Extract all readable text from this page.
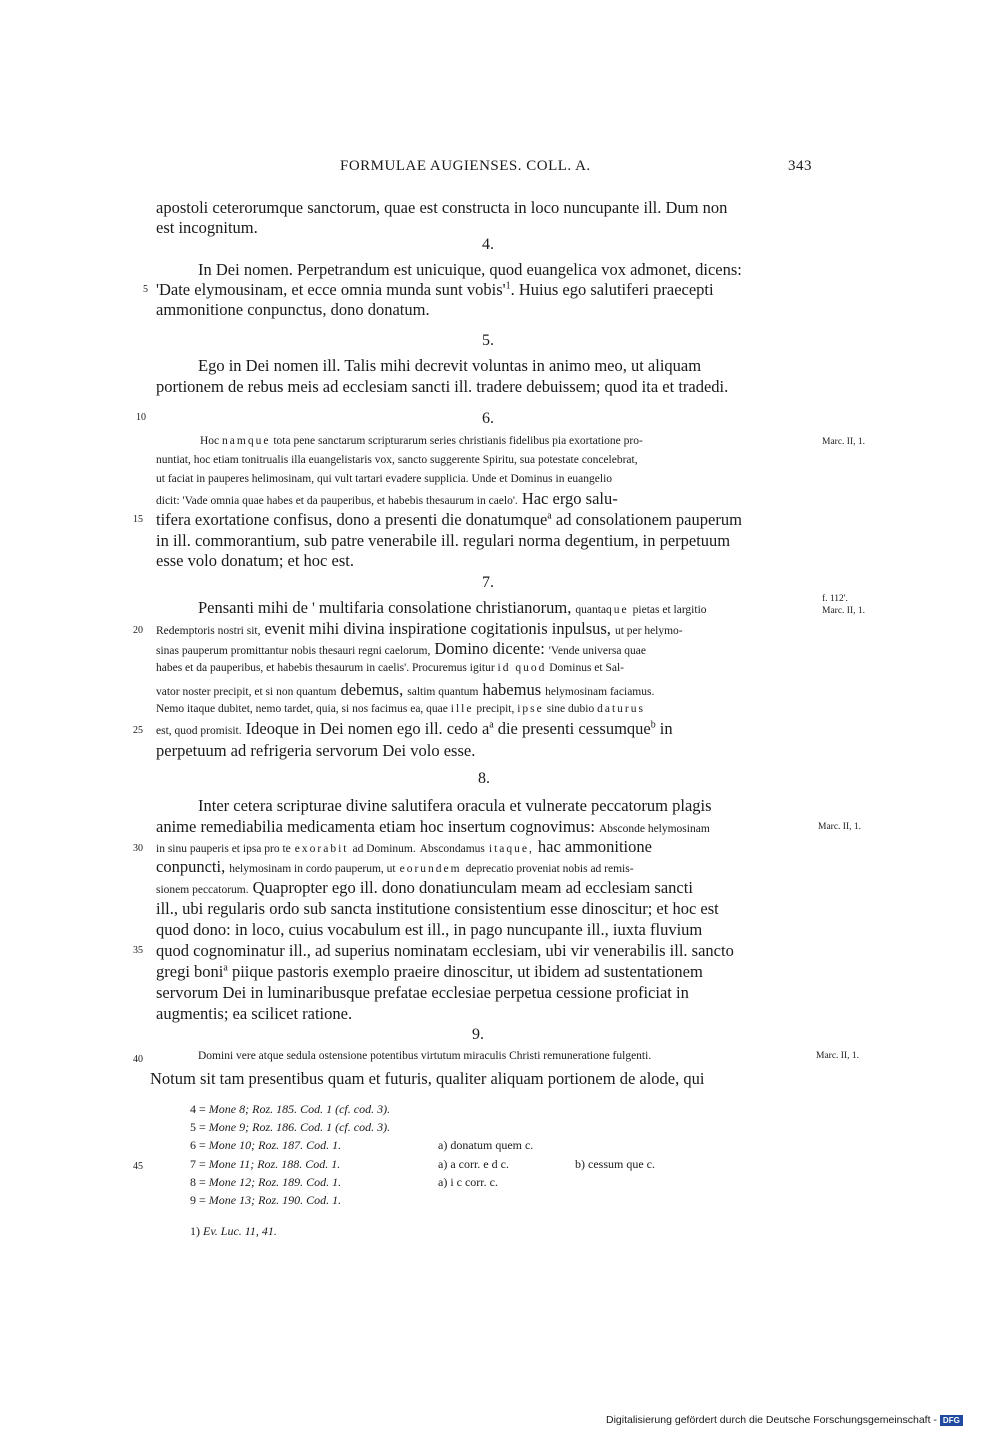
FORMULAE AUGIENSES. COLL. A.	343
apostoli ceterorumque sanctorum, quae est constructa in loco nuncupante ill. Dum non
est incognitum.
4.
In Dei nomen. Perpetrandum est unicuique, quod euangelica vox admonet, dicens:
5 'Date elymousinam, et ecce omnia munda sunt $vobis'^1$. Huius ego salutiferi praecepti
ammonitione conpunctus, dono donatum.
5.
Ego in Dei nomen ill. Talis mihi decrevit voluntas in animo meo, ut aliquam
portionem de rebus meis ad ecclesiam sancti ill. tradere debuissem; quod ita et tradedi.
10	6.
Hoc namque tota pene sanctarum scripturarum series christianis fidelibus pia exortatione pro-	Marc. II, 1.
nuntiat, hoc etiam tonitrualis illa euangelistaris vox, sancto suggerente Spiritu, sua potestate concelebrat,
ut faciat in pauperes helimosinam, qui vult tartari evadere supplicia. Unde et Dominus in euangelio
dicit: 'Vade omnia quae habes et da pauperibus, et habebis thesaurum in caelo'. Hac ergo salu-
15 tifera exortatione confisus, dono a presenti die donatumque$^a$ ad consolationem pauperum
in ill. commorantium, sub patre venerabile ill. regulari norma degentium, in perpetuum
esse volo donatum; et hoc est.
7.
f. 112'.
Pensanti mihi de ' multifaria consolatione christianorum, quantaque pietas et largitio	Marc. II, 1.
20 Redemptoris nostri sit, evenit mihi divina inspiratione cogitationis inpulsus, ut per helymo-
sinas pauperum promittantur nobis thesauri regni caelorum, Domino dicente: 'Vende universa quae
habes et da pauperibus, et habebis thesaurum in caelis'. Procuremus igitur id quod Dominus et Sal-
vator noster precipit, et si non quantum debemus, saltim quantum habemus helymosinam faciamus.
Nemo itaque dubitet, nemo tardet, quia, si nos facimus ea, quae ille precipit, ipse sine dubio daturus
25 est, quod promisit. Ideoque in Dei nomen ego ill. cedo $a^a$ die presenti cessumque$^b$ in
perpetuum ad refrigeria servorum Dei volo esse.
8.
Inter cetera scripturae divine salutifera oracula et vulnerate peccatorum plagis
anime remediabilia medicamenta etiam hoc insertum cognovimus: Absconde helymosinam	Marc. II, 1.
30 in sinu pauperis et ipsa pro te exorabit ad Dominum. Abscondamus itaque, hac ammonitione
conpuncti, helymosinam in cordo pauperum, ut eorundem deprecatio proveniat nobis ad remis-
sionem peccatorum. Quapropter ego ill. dono donatiunculam meam ad ecclesiam sancti
ill., ubi regularis ordo sub sancta institutione consistentium esse dinoscitur; et hoc est
quod dono: in loco, cuius vocabulum est ill., in pago nuncupante ill., iuxta fluvium
35 quod cognominatur ill., ad superius nominatam ecclesiam, ubi vir venerabilis ill. sancto
gregi boni$^a$ piique pastoris exemplo praeire dinoscitur, ut ibidem ad sustentationem
servorum Dei in luminaribusque prefatae ecclesiae perpetua cessione proficiat in
augmentis; ea scilicet ratione.
9.
40	Domini vere atque sedula ostensione potentibus virtutum miraculis Christi remuneratione fulgenti.	Marc. II, 1.
Notum sit tam presentibus quam et futuris, qualiter aliquam portionem de alode, qui
4 = Mone 8; Roz. 185. Cod. 1 (cf. cod. 3).
5 = Mone 9; Roz. 186. Cod. 1 (cf. cod. 3).
6 = Mone 10; Roz. 187. Cod. 1.	a) donatum quem c.
45	7 = Mone 11; Roz. 188. Cod. 1.	a) a corr. e d c.	b) cessum que c.
8 = Mone 12; Roz. 189. Cod. 1.	a) i c corr. c.
9 = Mone 13; Roz. 190. Cod. 1.
1) Ev. Luc. 11, 41.
Digitalisierung gefördert durch die Deutsche Forschungsgemeinschaft - DFG
